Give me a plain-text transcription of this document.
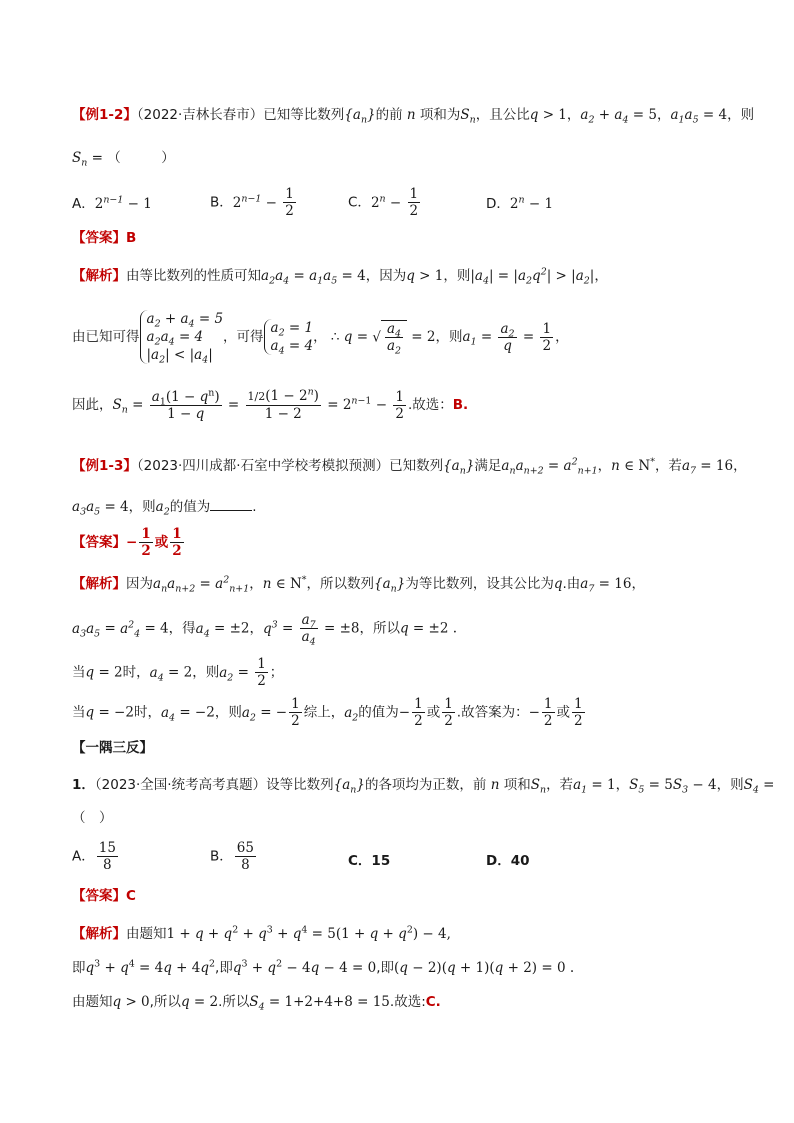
【例1-2】（2022·吉林长春市）已知等比数列$\{a_n\}$的前 n 项和为$S_n$，且公比q > 1，$a_2 + a_4 = 5$，$a_1a_5 = 4$，则
$S_n$ = （　　　）
A．$2^{n-1} - 1$	B．$2^{n-1} - \frac{1}{2}$	C．$2^n - \frac{1}{2}$	D．$2^n - 1$
【答案】B
【解析】由等比数列的性质可知$a_2a_4 = a_1a_5 = 4$，因为q > 1，则$|a_4| = |a_2q^2| > |a_2|$，
由已知可得$a_2 + a_4 = 5$
$a_2a_4 = 4$
$|a_2| < |a_4|$，可得$a_2 = 1$
$a_4 = 4$， ∴ q = √ $\frac{a_4}{a_2} = 2$，则$a_1 = \frac{a_2}{q} = \frac{1}{2}$ ，
因此，$S_n = \frac{a_1(1 - q^n)}{1 - q} = \frac{1/2(1 - 2^n)}{1 - 2} = 2^{n-1} - \frac{1}{2}$ .故选：B.
【例1-3】（2023·四川成都·石室中学校考模拟预测）已知数列$\{a_n\}$满足$a_na_{n+2} = a^2_{n+1}$，n ∈ N*，若$a_7 = 16$，
$a_3a_5 = 4$，则$a_2$的值为	.
【答案】− $\frac{1}{2}$ 或 $\frac{1}{2}$
【解析】因为$a_na_{n+2} = a^2_{n+1}$，n ∈ N*，所以数列$\{a_n\}$为等比数列，设其公比为q.由$a_7 = 16$，
$a_3a_5 = a^2_4 = 4$，得$a_4 = \pm 2$，$q^3 = \frac{a_7}{a_4} = \pm 8$，所以q = ±2 .
当q = 2时，$a_4 = 2$，则$a_2 = \frac{1}{2}$ ；
当q = −2时，$a_4 = -2$，则$a_2$ = − $\frac{1}{2}$ 综上，$a_2$的值为− $\frac{1}{2}$ 或 $\frac{1}{2}$ .故答案为：− $\frac{1}{2}$ 或 $\frac{1}{2}$
【一隅三反】
1．（2023·全国·统考高考真题）设等比数列$\{a_n\}$的各项均为正数，前 n 项和$S_n$，若$a_1 = 1$，$S_5 = 5S_3 - 4$，则$S_4$ =
（　）
A． $\frac{15}{8}$	B． $\frac{65}{8}$	C．15	D．40
【答案】C
【解析】由题知$1 + q + q^2 + q^3 + q^4 = 5(1 + q + q^2) - 4$,
即$q^3 + q^4 = 4q + 4q^2$,即$q^3 + q^2 - 4q - 4 = 0$,即(q − 2)(q + 1)(q + 2) = 0 .
由题知q > 0,所以q = 2.所以$S_4 = 1+2+4+8 = 15$.故选:C.
